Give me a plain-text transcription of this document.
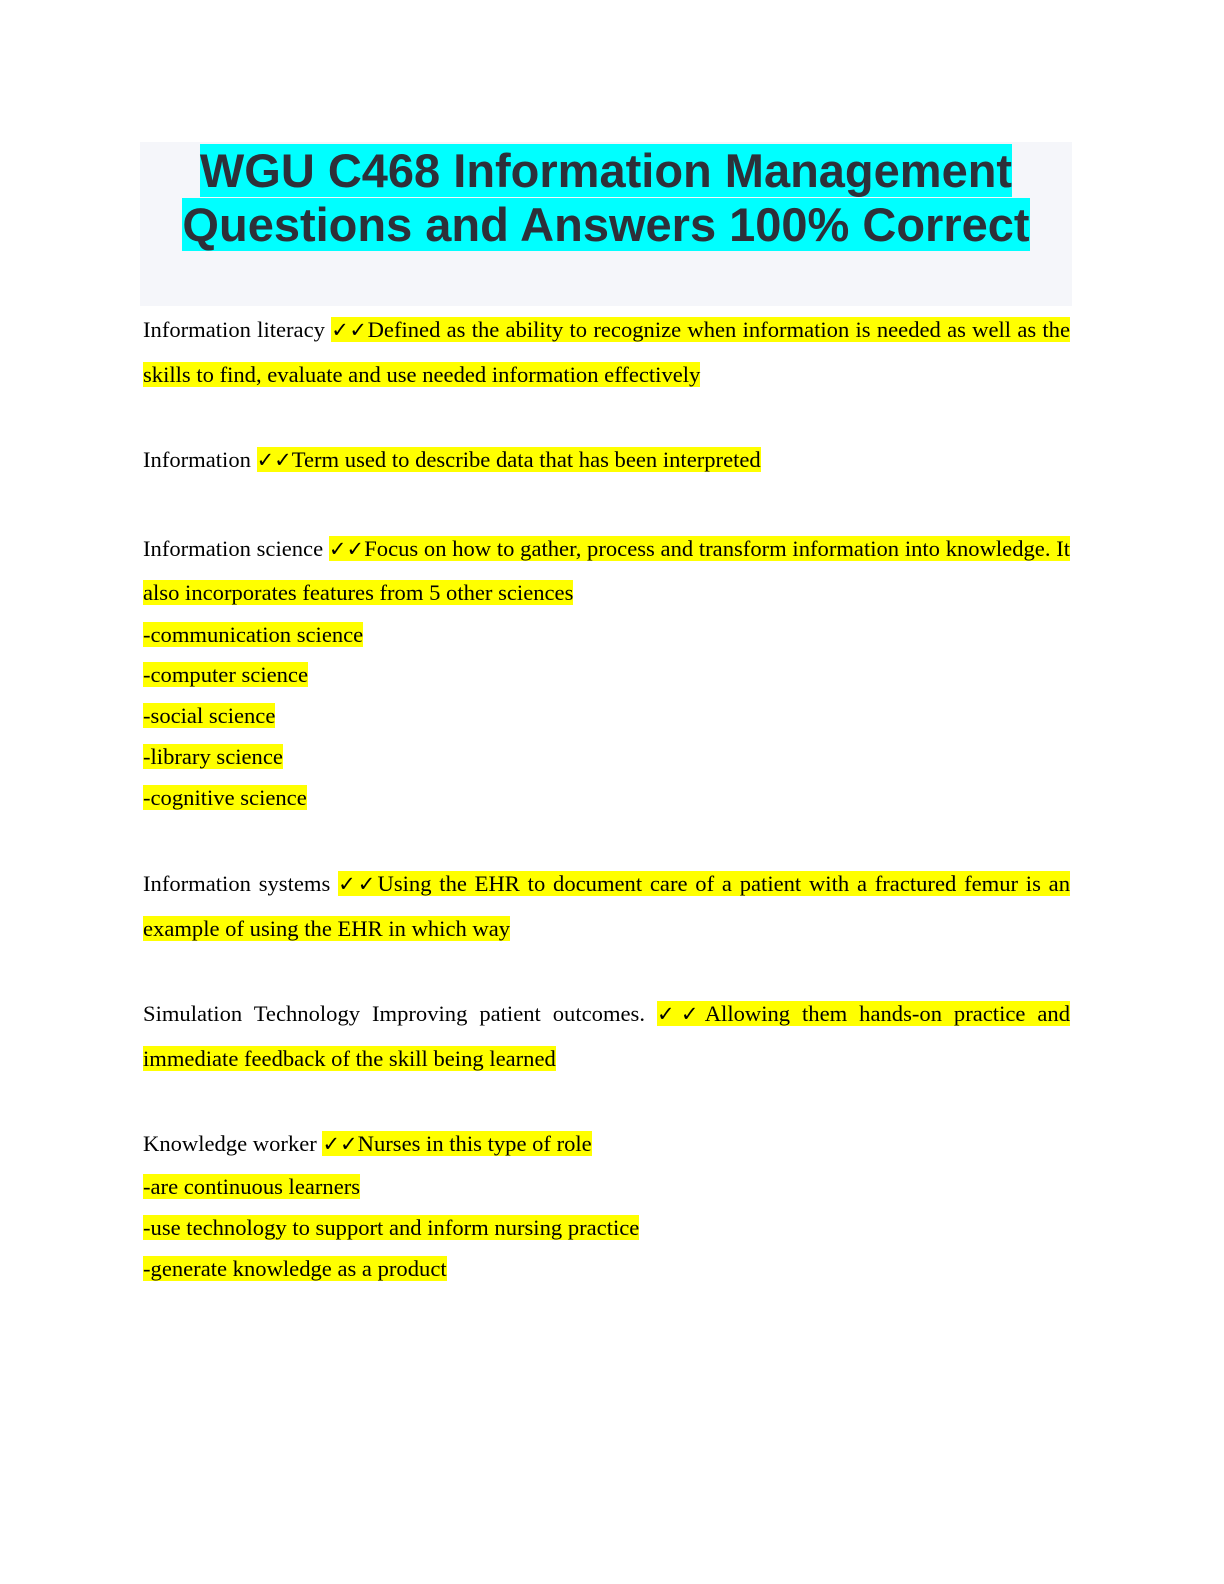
WGU C468 Information Management
Questions and Answers 100% Correct

Information literacy ✓✓Defined as the ability to recognize when information is needed as well as the skills to find, evaluate and use needed information effectively

Information ✓✓Term used to describe data that has been interpreted

Information science ✓✓Focus on how to gather, process and transform information into knowledge. It also incorporates features from 5 other sciences

-communication science

-computer science

-social science

-library science

-cognitive science

Information systems ✓✓Using the EHR to document care of a patient with a fractured femur is an example of using the EHR in which way

Simulation Technology Improving patient outcomes. ✓✓Allowing them hands-on practice and immediate feedback of the skill being learned

Knowledge worker ✓✓Nurses in this type of role

-are continuous learners

-use technology to support and inform nursing practice

-generate knowledge as a product
